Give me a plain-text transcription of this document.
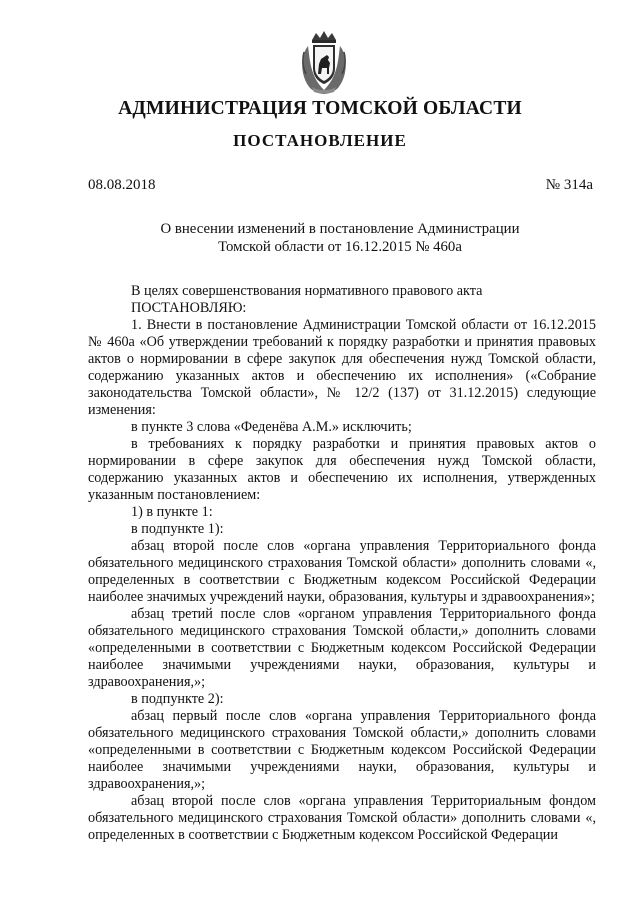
АДМИНИСТРАЦИЯ ТОМСКОЙ ОБЛАСТИ
ПОСТАНОВЛЕНИЕ
08.08.2018	№ 314а
О внесении изменений в постановление Администрации
Томской области от 16.12.2015 № 460а

В целях совершенствования нормативного правового акта

ПОСТАНОВЛЯЮ:

1. Внести в постановление Администрации Томской области от 16.12.2015 № 460а «Об утверждении требований к порядку разработки и принятия правовых актов о нормировании в сфере закупок для обеспечения нужд Томской области, содержанию указанных актов и обеспечению их исполнения» («Собрание законодательства Томской области», № 12/2 (137) от 31.12.2015) следующие изменения:

в пункте 3 слова «Феденёва А.М.» исключить;

в требованиях к порядку разработки и принятия правовых актов о нормировании в сфере закупок для обеспечения нужд Томской области, содержанию указанных актов и обеспечению их исполнения, утвержденных указанным постановлением:

1) в пункте 1:

в подпункте 1):

абзац второй после слов «органа управления Территориального фонда обязательного медицинского страхования Томской области» дополнить словами «, определенных в соответствии с Бюджетным кодексом Российской Федерации наиболее значимых учреждений науки, образования, культуры и здравоохранения»;

абзац третий после слов «органом управления Территориального фонда обязательного медицинского страхования Томской области,» дополнить словами «определенными в соответствии с Бюджетным кодексом Российской Федерации наиболее значимыми учреждениями науки, образования, культуры и здравоохранения,»;

в подпункте 2):

абзац первый после слов «органа управления Территориального фонда обязательного медицинского страхования Томской области,» дополнить словами «определенными в соответствии с Бюджетным кодексом Российской Федерации наиболее значимыми учреждениями науки, образования, культуры и здравоохранения,»;

абзац второй после слов «органа управления Территориальным фондом обязательного медицинского страхования Томской области» дополнить словами «, определенных в соответствии с Бюджетным кодексом Российской Федерации
